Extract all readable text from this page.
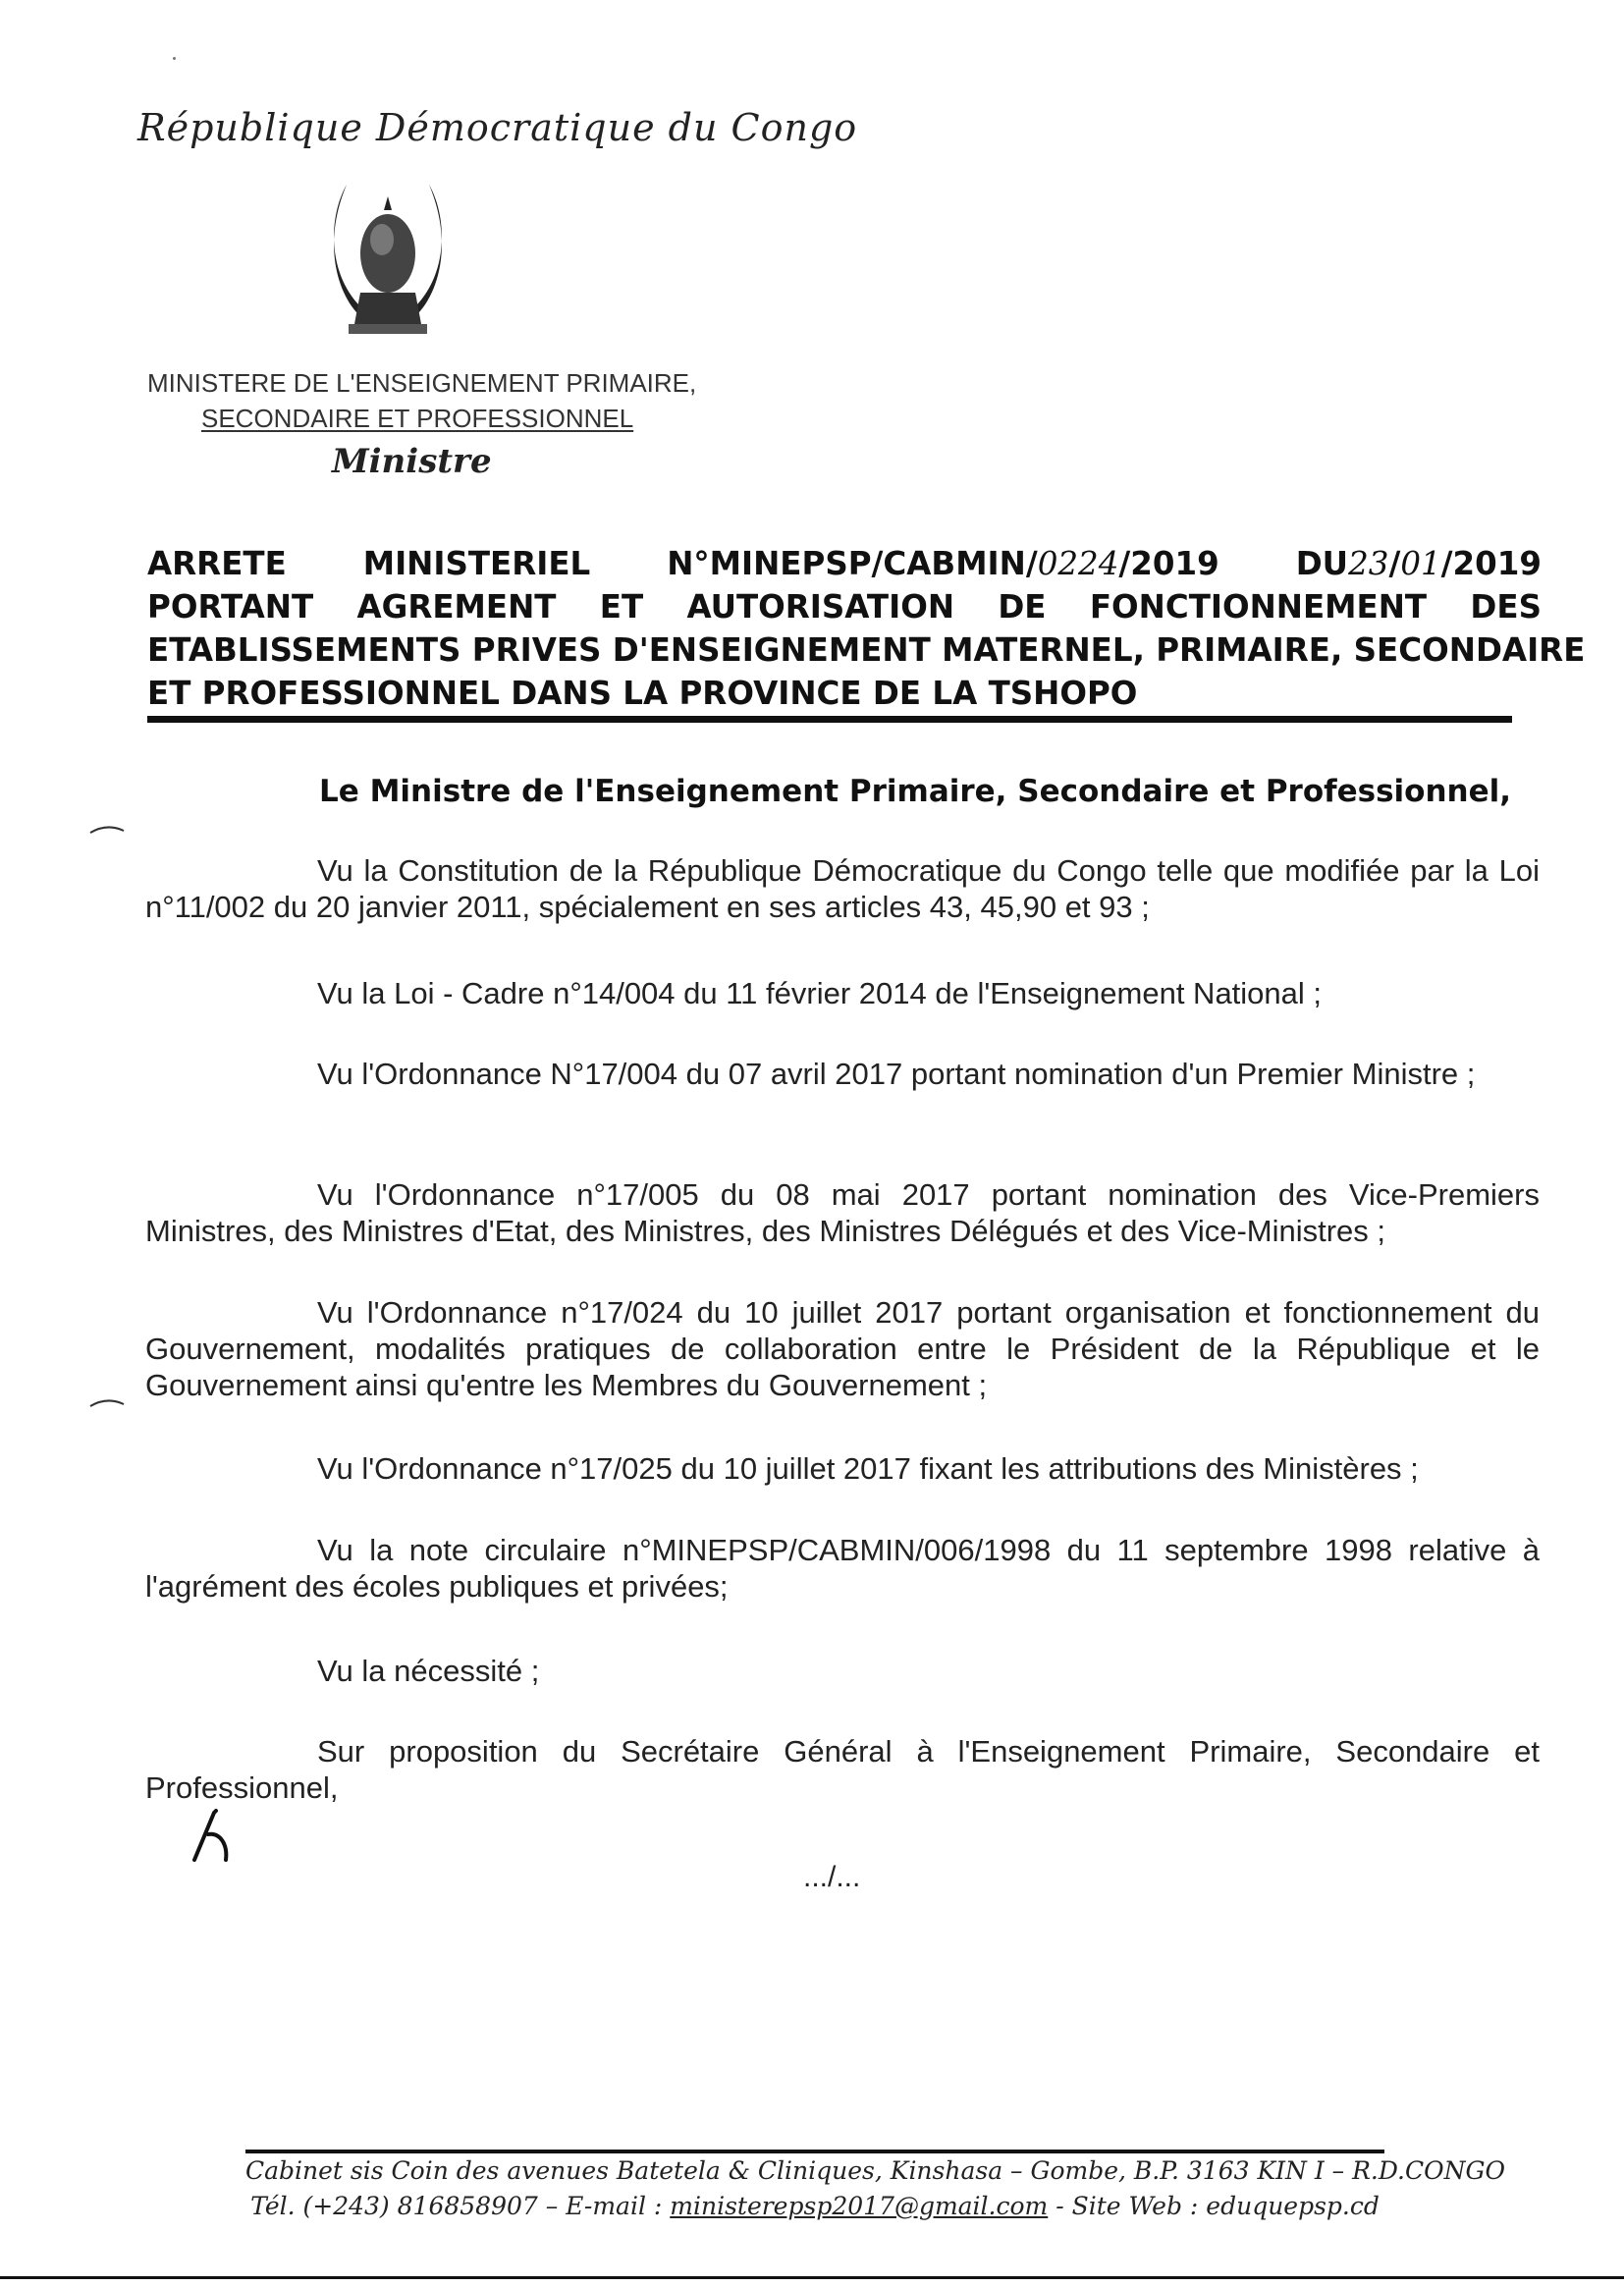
République Démocratique du Congo
MINISTERE DE L'ENSEIGNEMENT PRIMAIRE,
SECONDAIRE ET PROFESSIONNEL
Ministre
ARRETE MINISTERIEL N°MINEPSP/CABMIN/0224/2019 DU23/01/2019
PORTANT AGREMENT ET AUTORISATION DE FONCTIONNEMENT DES
ETABLISSEMENTS PRIVES D'ENSEIGNEMENT MATERNEL, PRIMAIRE, SECONDAIRE
ET PROFESSIONNEL DANS LA PROVINCE DE LA TSHOPO
Le Ministre de l'Enseignement Primaire, Secondaire et Professionnel,
Vu la Constitution de la République Démocratique du Congo telle que modifiée par la Loi n°11/002 du 20 janvier 2011, spécialement en ses articles 43, 45,90 et 93 ;
Vu la Loi - Cadre n°14/004 du 11 février 2014 de l'Enseignement National ;
Vu l'Ordonnance N°17/004 du 07 avril 2017 portant nomination d'un Premier Ministre ;
Vu l'Ordonnance n°17/005 du 08 mai 2017 portant nomination des Vice-Premiers Ministres, des Ministres d'Etat, des Ministres, des Ministres Délégués et des Vice-Ministres ;
Vu l'Ordonnance n°17/024 du 10 juillet 2017 portant organisation et fonctionnement du Gouvernement, modalités pratiques de collaboration entre le Président de la République et le Gouvernement ainsi qu'entre les Membres du Gouvernement ;
Vu l'Ordonnance n°17/025 du 10 juillet 2017 fixant les attributions des Ministères ;
Vu la note circulaire n°MINEPSP/CABMIN/006/1998 du 11 septembre 1998 relative à l'agrément des écoles publiques et privées;
Vu la nécessité ;
Sur proposition du Secrétaire Général à l'Enseignement Primaire, Secondaire et Professionnel,
.../...
Cabinet sis Coin des avenues Batetela & Cliniques, Kinshasa – Gombe, B.P. 3163 KIN I – R.D.CONGO
Tél. (+243) 816858907 – E-mail : ministerepsp2017@gmail.com - Site Web : eduquepsp.cd
